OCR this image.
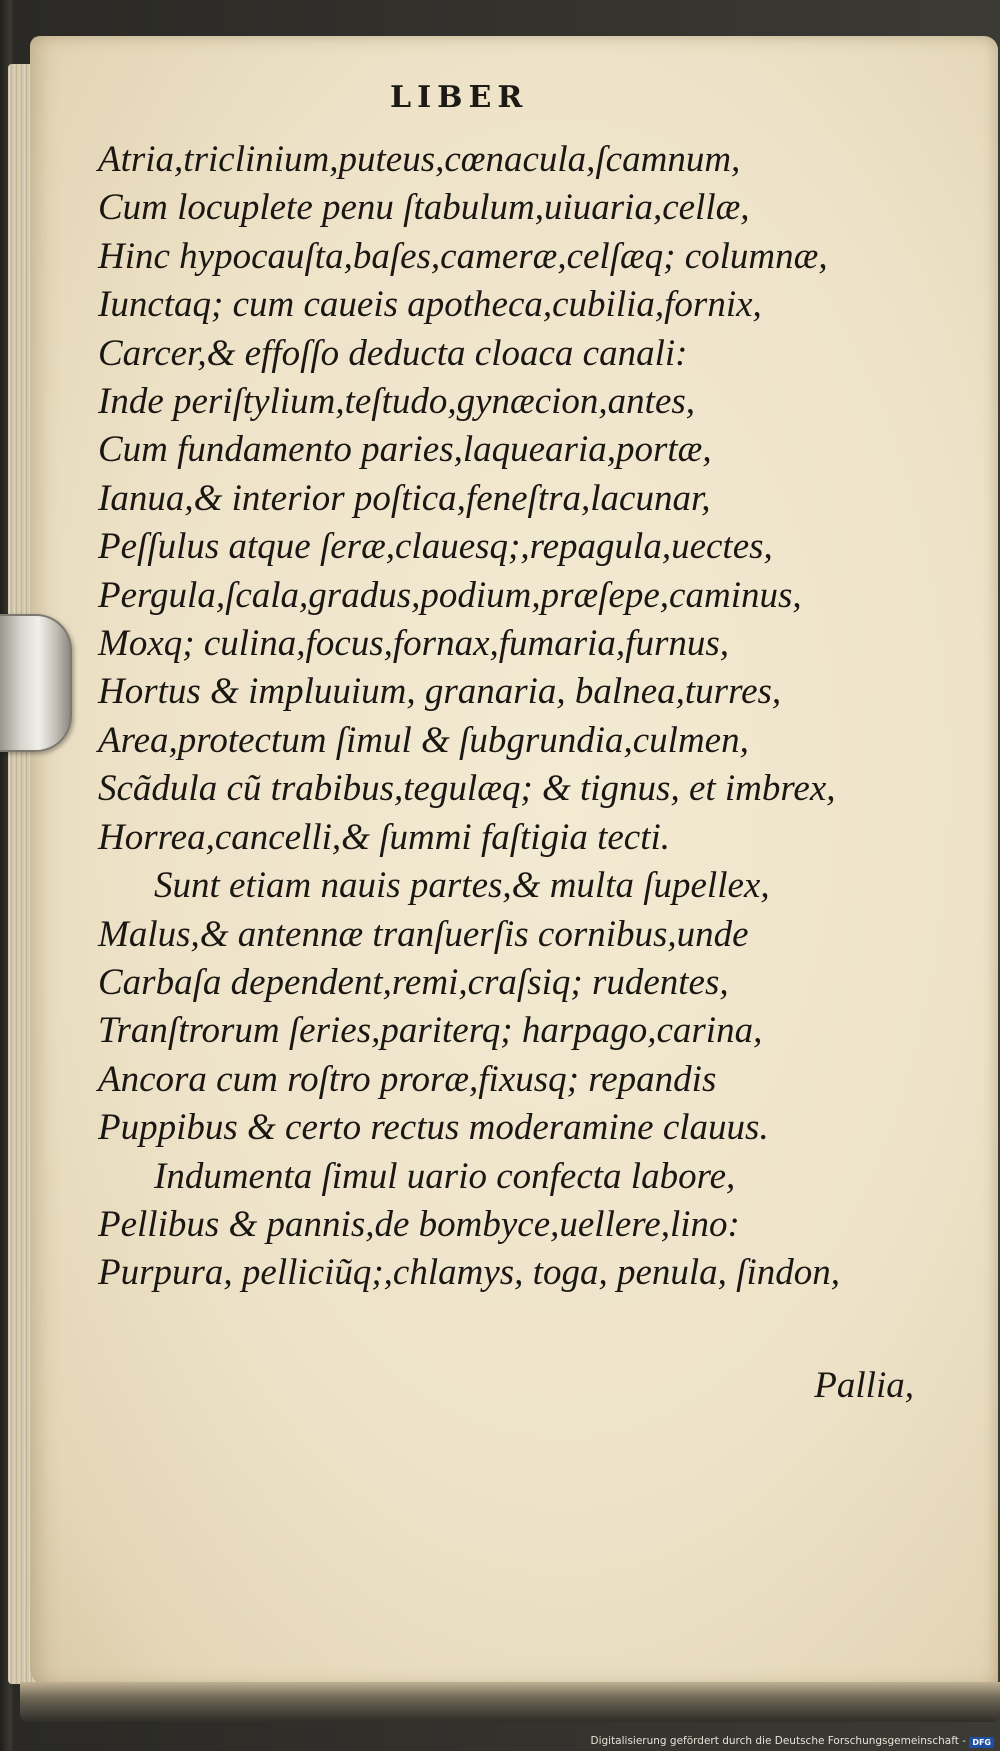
LIBER
Atria,triclinium,puteus,cœnacula,ſcamnum,
Cum locuplete penu ſtabulum,uiuaria,cellæ,
Hinc hypocauſta,baſes,cameræ,celſæq; columnæ,
Iunctaq; cum caueis apotheca,cubilia,fornix,
Carcer,& effoſſo deducta cloaca canali:
Inde periſtylium,teſtudo,gynæcion,antes,
Cum fundamento paries,laquearia,portæ,
Ianua,& interior poſtica,feneſtra,lacunar,
Peſſulus atque ſeræ,clauesq;,repagula,uectes,
Pergula,ſcala,gradus,podium,præſepe,caminus,
Moxq; culina,focus,fornax,fumaria,furnus,
Hortus & impluuium, granaria, balnea,turres,
Area,protectum ſimul & ſubgrundia,culmen,
Scãdula cũ trabibus,tegulæq; & tignus, et imbrex,
Horrea,cancelli,& ſummi faſtigia tecti.
Sunt etiam nauis partes,& multa ſupellex,
Malus,& antennæ tranſuerſis cornibus,unde
Carbaſa dependent,remi,craſsiq; rudentes,
Tranſtrorum ſeries,pariterq; harpago,carina,
Ancora cum roſtro proræ,fixusq; repandis
Puppibus & certo rectus moderamine clauus.
Indumenta ſimul uario confecta labore,
Pellibus & pannis,de bombyce,uellere,lino:
Purpura, pelliciũq;,chlamys, toga, penula, ſindon,
Pallia,
Digitalisierung gefördert durch die Deutsche Forschungsgemeinschaft - DFG
